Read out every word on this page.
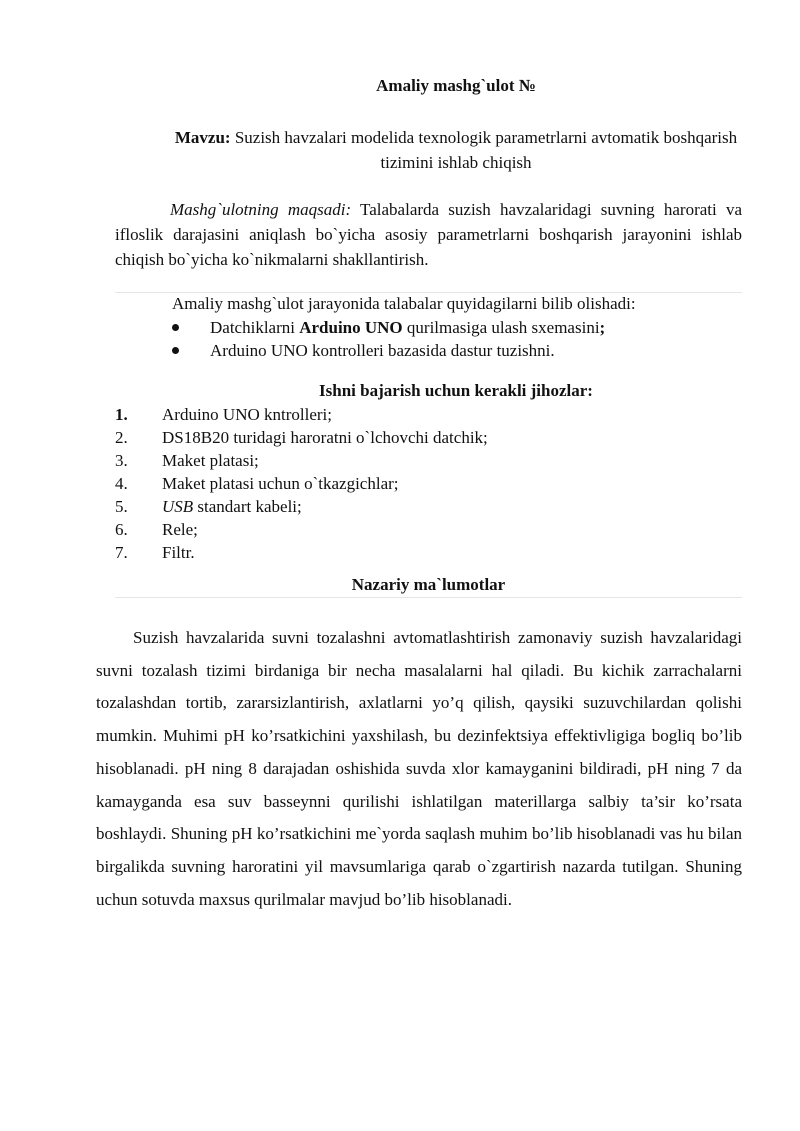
Amaliy mashg`ulot №
Mavzu: Suzish havzalari modelida texnologik parametrlarni avtomatik boshqarish tizimini ishlab chiqish
Mashg`ulotning maqsadi: Talabalarda suzish havzalaridagi suvning harorati va ifloslik darajasini aniqlash bo`yicha asosiy parametrlarni boshqarish jarayonini ishlab chiqish bo`yicha ko`nikmalarni shakllantirish.
Amaliy mashg`ulot jarayonida talabalar quyidagilarni bilib olishadi:
Datchiklarni Arduino UNO qurilmasiga ulash sxemasini;
Arduino UNO kontrolleri bazasida dastur tuzishni.
Ishni bajarish uchun kerakli jihozlar:
1. Arduino UNO kntrolleri;
2. DS18B20 turidagi haroratni o`lchovchi datchik;
3. Maket platasi;
4. Maket platasi uchun o`tkazgichlar;
5. USB standart kabeli;
6. Rele;
7. Filtr.
Nazariy ma`lumotlar

Suzish havzalarida suvni tozalashni avtomatlashtirish zamonaviy suzish havzalaridagi suvni tozalash tizimi birdaniga bir necha masalalarni hal qiladi. Bu kichik zarrachalarni tozalashdan tortib, zararsizlantirish, axlatlarni yo’q qilish, qaysiki suzuvchilardan qolishi mumkin. Muhimi pH ko’rsatkichini yaxshilash, bu dezinfektsiya effektivligiga bogliq bo’lib hisoblanadi. pH ning 8 darajadan oshishida suvda xlor kamayganini bildiradi, pH ning 7 da kamayganda esa suv basseynni qurilishi ishlatilgan materillarga salbiy ta’sir ko’rsata boshlaydi. Shuning pH ko’rsatkichini me`yorda saqlash muhim bo’lib hisoblanadi vas hu bilan birgalikda suvning haroratini yil mavsumlariga qarab o`zgartirish nazarda tutilgan. Shuning uchun sotuvda maxsus qurilmalar mavjud bo’lib hisoblanadi.
